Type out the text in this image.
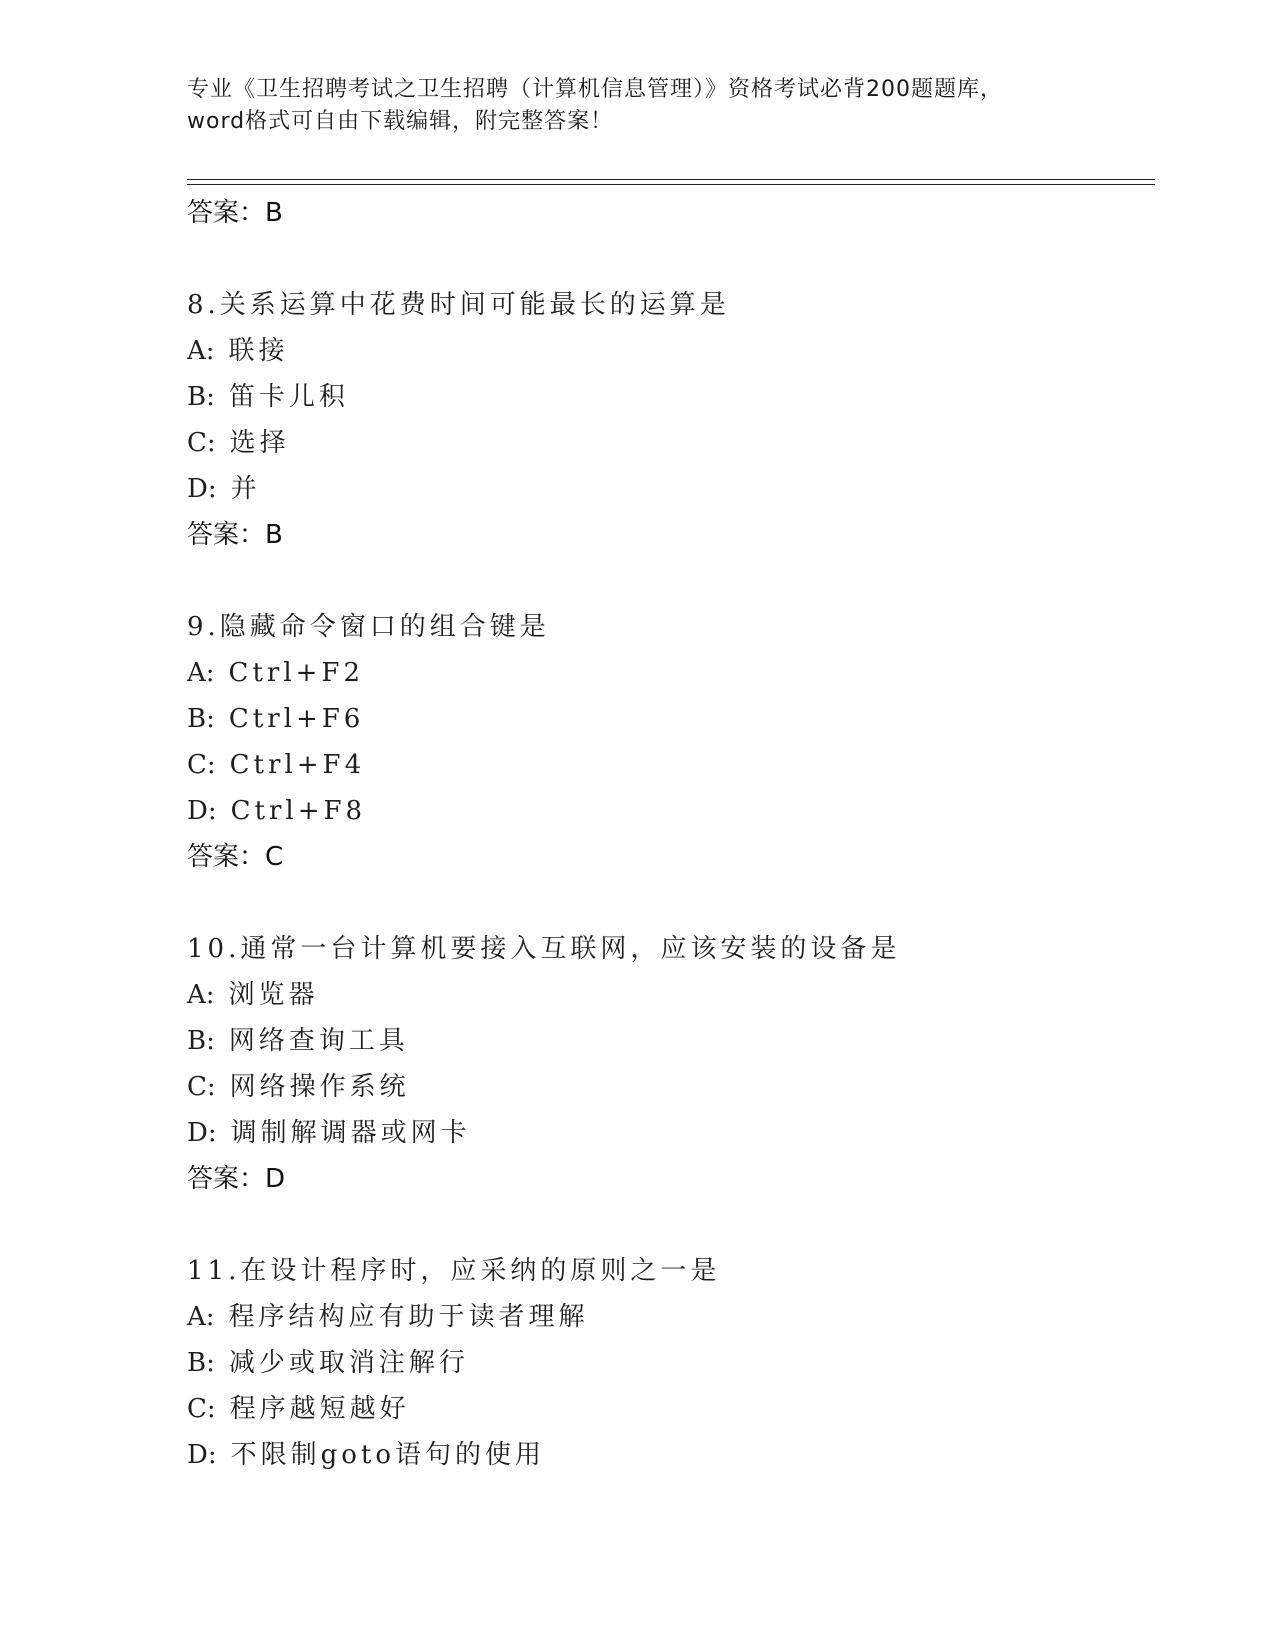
专业《卫生招聘考试之卫生招聘（计算机信息管理）》资格考试必背200题题库，
word格式可自由下载编辑，附完整答案！
答案：B
8.关系运算中花费时间可能最长的运算是
A: 联接
B: 笛卡儿积
C: 选择
D: 并
答案：B
9.隐藏命令窗口的组合键是
A: Ctrl+F2
B: Ctrl+F6
C: Ctrl+F4
D: Ctrl+F8
答案：C
10.通常一台计算机要接入互联网，应该安装的设备是
A: 浏览器
B: 网络查询工具
C: 网络操作系统
D: 调制解调器或网卡
答案：D
11.在设计程序时，应采纳的原则之一是
A: 程序结构应有助于读者理解
B: 减少或取消注解行
C: 程序越短越好
D: 不限制goto语句的使用
